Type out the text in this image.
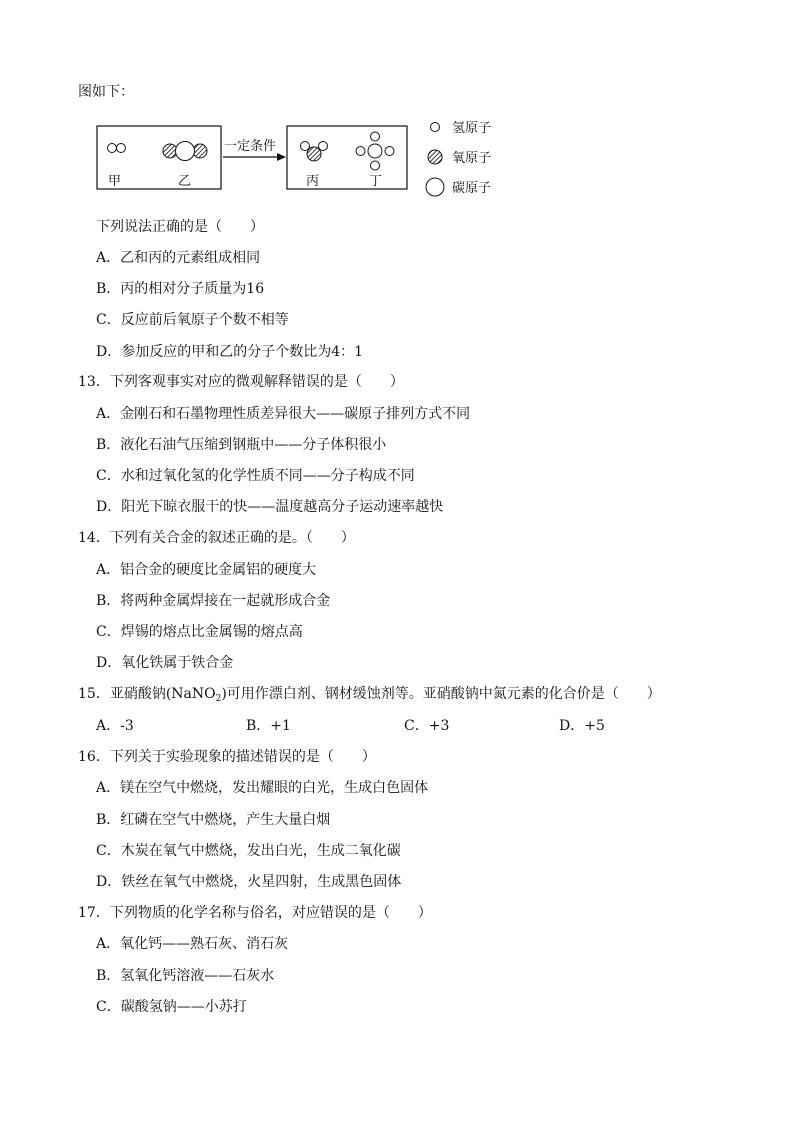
图如下：
甲	乙
一定条件
丙	丁
氢原子
氧原子
碳原子
下列说法正确的是（　　）
A．乙和丙的元素组成相同
B．丙的相对分子质量为16
C．反应前后氧原子个数不相等
D．参加反应的甲和乙的分子个数比为4：1
13．下列客观事实对应的微观解释错误的是（　　）
A．金刚石和石墨物理性质差异很大——碳原子排列方式不同
B．液化石油气压缩到钢瓶中——分子体积很小
C．水和过氧化氢的化学性质不同——分子构成不同
D．阳光下晾衣服干的快——温度越高分子运动速率越快
14．下列有关合金的叙述正确的是。（　　）
A．铝合金的硬度比金属铝的硬度大
B．将两种金属焊接在一起就形成合金
C．焊锡的熔点比金属锡的熔点高
D．氧化铁属于铁合金
15．亚硝酸钠(NaNO$_2$)可用作漂白剂、钢材缓蚀剂等。亚硝酸钠中氮元素的化合价是（　　）
A．-3	B．+1	C．+3	D．+5
16．下列关于实验现象的描述错误的是（　　）
A．镁在空气中燃烧，发出耀眼的白光，生成白色固体
B．红磷在空气中燃烧，产生大量白烟
C．木炭在氧气中燃烧，发出白光，生成二氧化碳
D．铁丝在氧气中燃烧，火星四射，生成黑色固体
17．下列物质的化学名称与俗名，对应错误的是（　　）
A．氧化钙——熟石灰、消石灰
B．氢氧化钙溶液——石灰水
C．碳酸氢钠——小苏打
